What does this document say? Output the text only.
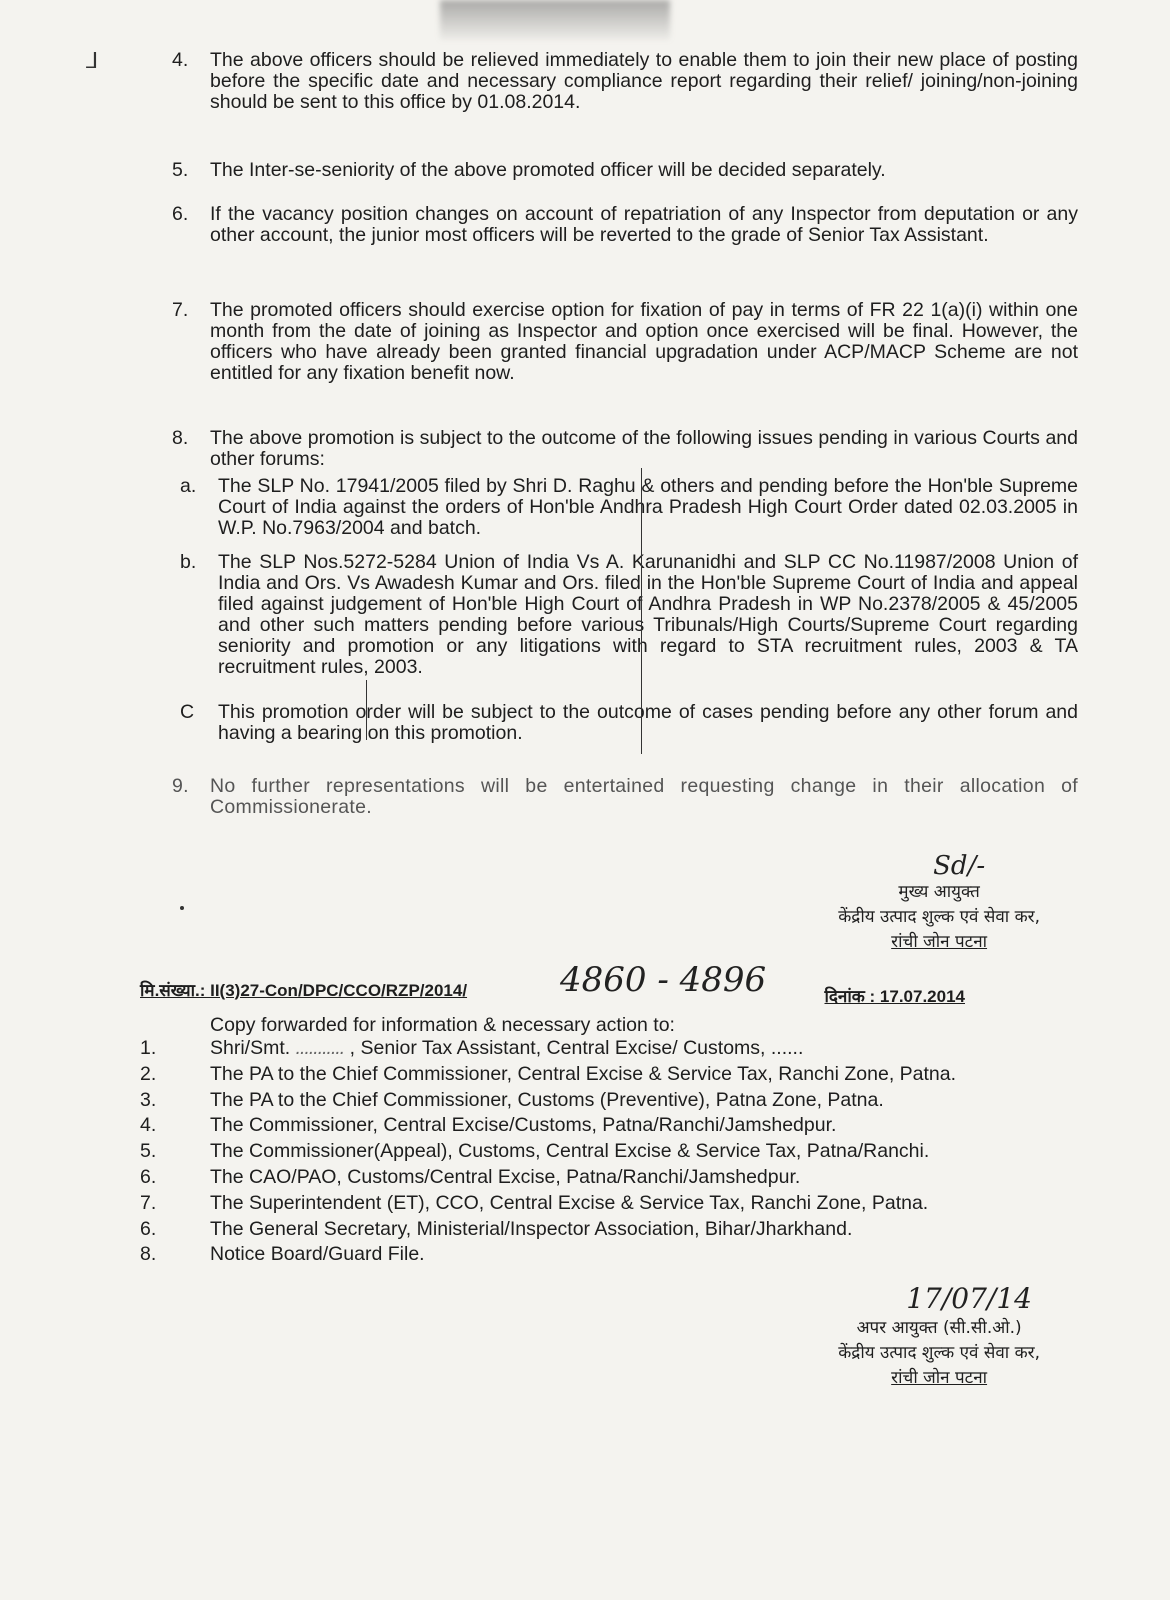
⅃	4.	The above officers should be relieved immediately to enable them to join their new place of posting before the specific date and necessary compliance report regarding their relief/ joining/non-joining should be sent to this office by 01.08.2014.
5.	The Inter-se-seniority of the above promoted officer will be decided separately.
6.	If the vacancy position changes on account of repatriation of any Inspector from deputation or any other account, the junior most officers will be reverted to the grade of Senior Tax Assistant.
7.	The promoted officers should exercise option for fixation of pay in terms of FR 22 1(a)(i) within one month from the date of joining as Inspector and option once exercised will be final. However, the officers who have already been granted financial upgradation under ACP/MACP Scheme are not entitled for any fixation benefit now.
8.	The above promotion is subject to the outcome of the following issues pending in various Courts and other forums:
a.	The SLP No. 17941/2005 filed by Shri D. Raghu & others and pending before the Hon'ble Supreme Court of India against the orders of Hon'ble Andhra Pradesh High Court Order dated 02.03.2005 in W.P. No.7963/2004 and batch.
b.	The SLP Nos.5272-5284 Union of India Vs A. Karunanidhi and SLP CC No.11987/2008 Union of India and Ors. Vs Awadesh Kumar and Ors. filed in the Hon'ble Supreme Court of India and appeal filed against judgement of Hon'ble High Court of Andhra Pradesh in WP No.2378/2005 & 45/2005 and other such matters pending before various Tribunals/High Courts/Supreme Court regarding seniority and promotion or any litigations with regard to STA recruitment rules, 2003 & TA recruitment rules, 2003.
C	This promotion order will be subject to the outcome of cases pending before any other forum and having a bearing on this promotion.
9.	No further representations will be entertained requesting change in their allocation of Commissionerate.
Sd/-
मुख्य आयुक्त
केंद्रीय उत्पाद शुल्क एवं सेवा कर,
रांची जोन पटना
मि.संख्या.: II(3)27-Con/DPC/CCO/RZP/2014/	4860 - 4896	दिनांक : 17.07.2014
Copy forwarded for information & necessary action to:
1.	Shri/Smt. ........... , Senior Tax Assistant, Central Excise/ Customs, ......
2.	The PA to the Chief Commissioner, Central Excise & Service Tax, Ranchi Zone, Patna.
3.	The PA to the Chief Commissioner, Customs (Preventive), Patna Zone, Patna.
4.	The Commissioner, Central Excise/Customs, Patna/Ranchi/Jamshedpur.
5.	The Commissioner(Appeal), Customs, Central Excise & Service Tax, Patna/Ranchi.
6.	The CAO/PAO, Customs/Central Excise, Patna/Ranchi/Jamshedpur.
7.	The Superintendent (ET), CCO, Central Excise & Service Tax, Ranchi Zone, Patna.
6.	The General Secretary, Ministerial/Inspector Association, Bihar/Jharkhand.
8.	Notice Board/Guard File.
17/07/14
अपर आयुक्त (सी.सी.ओ.)
केंद्रीय उत्पाद शुल्क एवं सेवा कर,
रांची जोन पटना
